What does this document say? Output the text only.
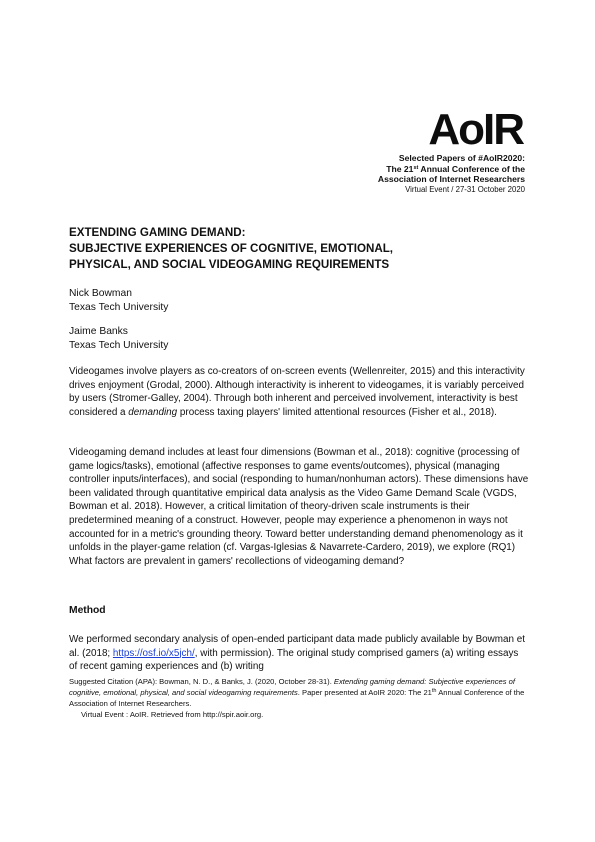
AoIR
Selected Papers of #AoIR2020:
The 21st Annual Conference of the
Association of Internet Researchers
Virtual Event / 27-31 October 2020
EXTENDING GAMING DEMAND:
SUBJECTIVE EXPERIENCES OF COGNITIVE, EMOTIONAL,
PHYSICAL, AND SOCIAL VIDEOGAMING REQUIREMENTS
Nick Bowman
Texas Tech University
Jaime Banks
Texas Tech University

Videogames involve players as co-creators of on-screen events (Wellenreiter, 2015) and this interactivity drives enjoyment (Grodal, 2000). Although interactivity is inherent to videogames, it is variably perceived by users (Stromer-Galley, 2004). Through both inherent and perceived involvement, interactivity is best considered a demanding process taxing players' limited attentional resources (Fisher et al., 2018).

Videogaming demand includes at least four dimensions (Bowman et al., 2018): cognitive (processing of game logics/tasks), emotional (affective responses to game events/outcomes), physical (managing controller inputs/interfaces), and social (responding to human/nonhuman actors). These dimensions have been validated through quantitative empirical data analysis as the Video Game Demand Scale (VGDS, Bowman et al. 2018). However, a critical limitation of theory-driven scale instruments is their predetermined meaning of a construct. However, people may experience a phenomenon in ways not accounted for in a metric's grounding theory. Toward better understanding demand phenomenology as it unfolds in the player-game relation (cf. Vargas-Iglesias & Navarrete-Cardero, 2019), we explore (RQ1) What factors are prevalent in gamers' recollections of videogaming demand?

Method

We performed secondary analysis of open-ended participant data made publicly available by Bowman et al. (2018; https://osf.io/x5jch/, with permission). The original study comprised gamers (a) writing essays of recent gaming experiences and (b) writing

Suggested Citation (APA): Bowman, N. D., & Banks, J. (2020, October 28-31). Extending gaming demand: Subjective experiences of cognitive, emotional, physical, and social videogaming requirements. Paper presented at AoIR 2020: The 21th Annual Conference of the Association of Internet Researchers.
Virtual Event : AoIR. Retrieved from http://spir.aoir.org.
